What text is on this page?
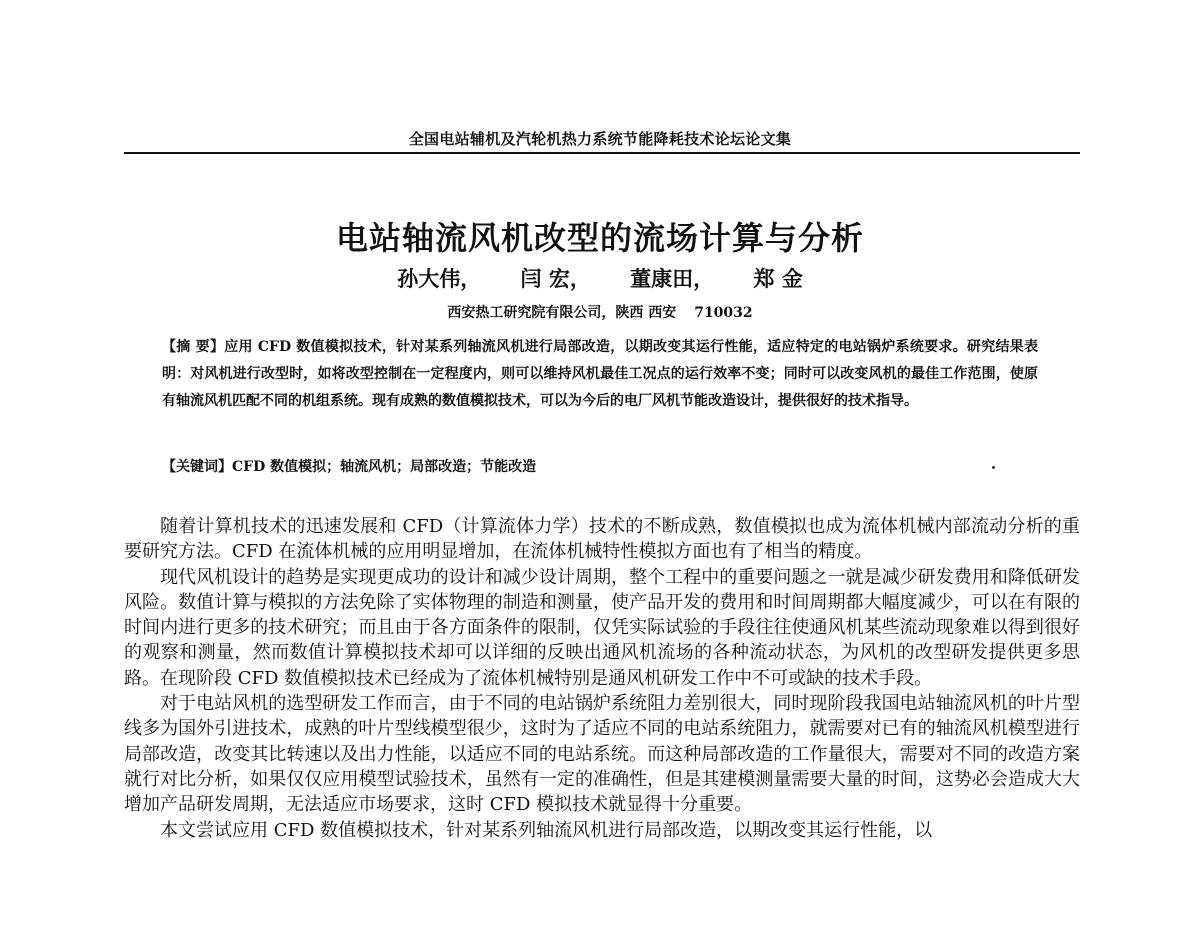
全国电站辅机及汽轮机热力系统节能降耗技术论坛论文集
电站轴流风机改型的流场计算与分析
孙大伟， 闫 宏， 董康田， 郑 金
西安热工研究院有限公司，陕西 西安 710032
【摘 要】应用 CFD 数值模拟技术，针对某系列轴流风机进行局部改造，以期改变其运行性能，适应特定的电站锅炉系统要求。研究结果表明：对风机进行改型时，如将改型控制在一定程度内，则可以维持风机最佳工况点的运行效率不变；同时可以改变风机的最佳工作范围，使原有轴流风机匹配不同的机组系统。现有成熟的数值模拟技术，可以为今后的电厂风机节能改造设计，提供很好的技术指导。
【关键词】CFD 数值模拟；轴流风机；局部改造；节能改造

随着计算机技术的迅速发展和 CFD（计算流体力学）技术的不断成熟，数值模拟也成为流体机械内部流动分析的重要研究方法。CFD 在流体机械的应用明显增加，在流体机械特性模拟方面也有了相当的精度。

现代风机设计的趋势是实现更成功的设计和减少设计周期，整个工程中的重要问题之一就是减少研发费用和降低研发风险。数值计算与模拟的方法免除了实体物理的制造和测量，使产品开发的费用和时间周期都大幅度减少，可以在有限的时间内进行更多的技术研究；而且由于各方面条件的限制，仅凭实际试验的手段往往使通风机某些流动现象难以得到很好的观察和测量，然而数值计算模拟技术却可以详细的反映出通风机流场的各种流动状态，为风机的改型研发提供更多思路。在现阶段 CFD 数值模拟技术已经成为了流体机械特别是通风机研发工作中不可或缺的技术手段。

对于电站风机的选型研发工作而言，由于不同的电站锅炉系统阻力差别很大，同时现阶段我国电站轴流风机的叶片型线多为国外引进技术，成熟的叶片型线模型很少，这时为了适应不同的电站系统阻力，就需要对已有的轴流风机模型进行局部改造，改变其比转速以及出力性能，以适应不同的电站系统。而这种局部改造的工作量很大，需要对不同的改造方案就行对比分析，如果仅仅应用模型试验技术，虽然有一定的准确性，但是其建模测量需要大量的时间，这势必会造成大大增加产品研发周期，无法适应市场要求，这时 CFD 模拟技术就显得十分重要。

本文尝试应用 CFD 数值模拟技术，针对某系列轴流风机进行局部改造，以期改变其运行性能，以
